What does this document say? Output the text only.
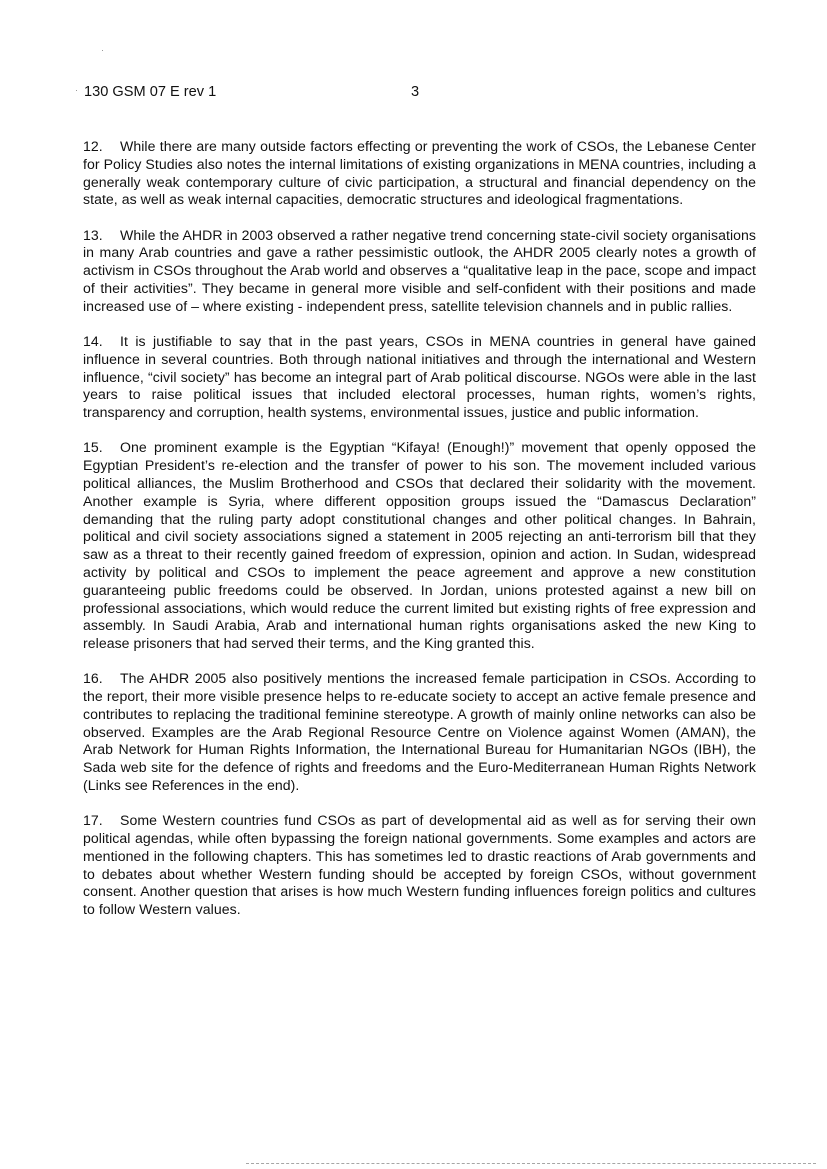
130 GSM 07 E rev 1	3

12. While there are many outside factors effecting or preventing the work of CSOs, the Lebanese Center for Policy Studies also notes the internal limitations of existing organizations in MENA countries, including a generally weak contemporary culture of civic participation, a structural and financial dependency on the state, as well as weak internal capacities, democratic structures and ideological fragmentations.

13. While the AHDR in 2003 observed a rather negative trend concerning state-civil society organisations in many Arab countries and gave a rather pessimistic outlook, the AHDR 2005 clearly notes a growth of activism in CSOs throughout the Arab world and observes a “qualitative leap in the pace, scope and impact of their activities”. They became in general more visible and self-confident with their positions and made increased use of – where existing - independent press, satellite television channels and in public rallies.

14. It is justifiable to say that in the past years, CSOs in MENA countries in general have gained influence in several countries. Both through national initiatives and through the international and Western influence, “civil society” has become an integral part of Arab political discourse. NGOs were able in the last years to raise political issues that included electoral processes, human rights, women’s rights, transparency and corruption, health systems, environmental issues, justice and public information.

15. One prominent example is the Egyptian “Kifaya! (Enough!)” movement that openly opposed the Egyptian President’s re-election and the transfer of power to his son. The movement included various political alliances, the Muslim Brotherhood and CSOs that declared their solidarity with the movement. Another example is Syria, where different opposition groups issued the “Damascus Declaration” demanding that the ruling party adopt constitutional changes and other political changes. In Bahrain, political and civil society associations signed a statement in 2005 rejecting an anti-terrorism bill that they saw as a threat to their recently gained freedom of expression, opinion and action. In Sudan, widespread activity by political and CSOs to implement the peace agreement and approve a new constitution guaranteeing public freedoms could be observed. In Jordan, unions protested against a new bill on professional associations, which would reduce the current limited but existing rights of free expression and assembly. In Saudi Arabia, Arab and international human rights organisations asked the new King to release prisoners that had served their terms, and the King granted this.

16. The AHDR 2005 also positively mentions the increased female participation in CSOs. According to the report, their more visible presence helps to re-educate society to accept an active female presence and contributes to replacing the traditional feminine stereotype. A growth of mainly online networks can also be observed. Examples are the Arab Regional Resource Centre on Violence against Women (AMAN), the Arab Network for Human Rights Information, the International Bureau for Humanitarian NGOs (IBH), the Sada web site for the defence of rights and freedoms and the Euro-Mediterranean Human Rights Network (Links see References in the end).

17. Some Western countries fund CSOs as part of developmental aid as well as for serving their own political agendas, while often bypassing the foreign national governments. Some examples and actors are mentioned in the following chapters. This has sometimes led to drastic reactions of Arab governments and to debates about whether Western funding should be accepted by foreign CSOs, without government consent. Another question that arises is how much Western funding influences foreign politics and cultures to follow Western values.
